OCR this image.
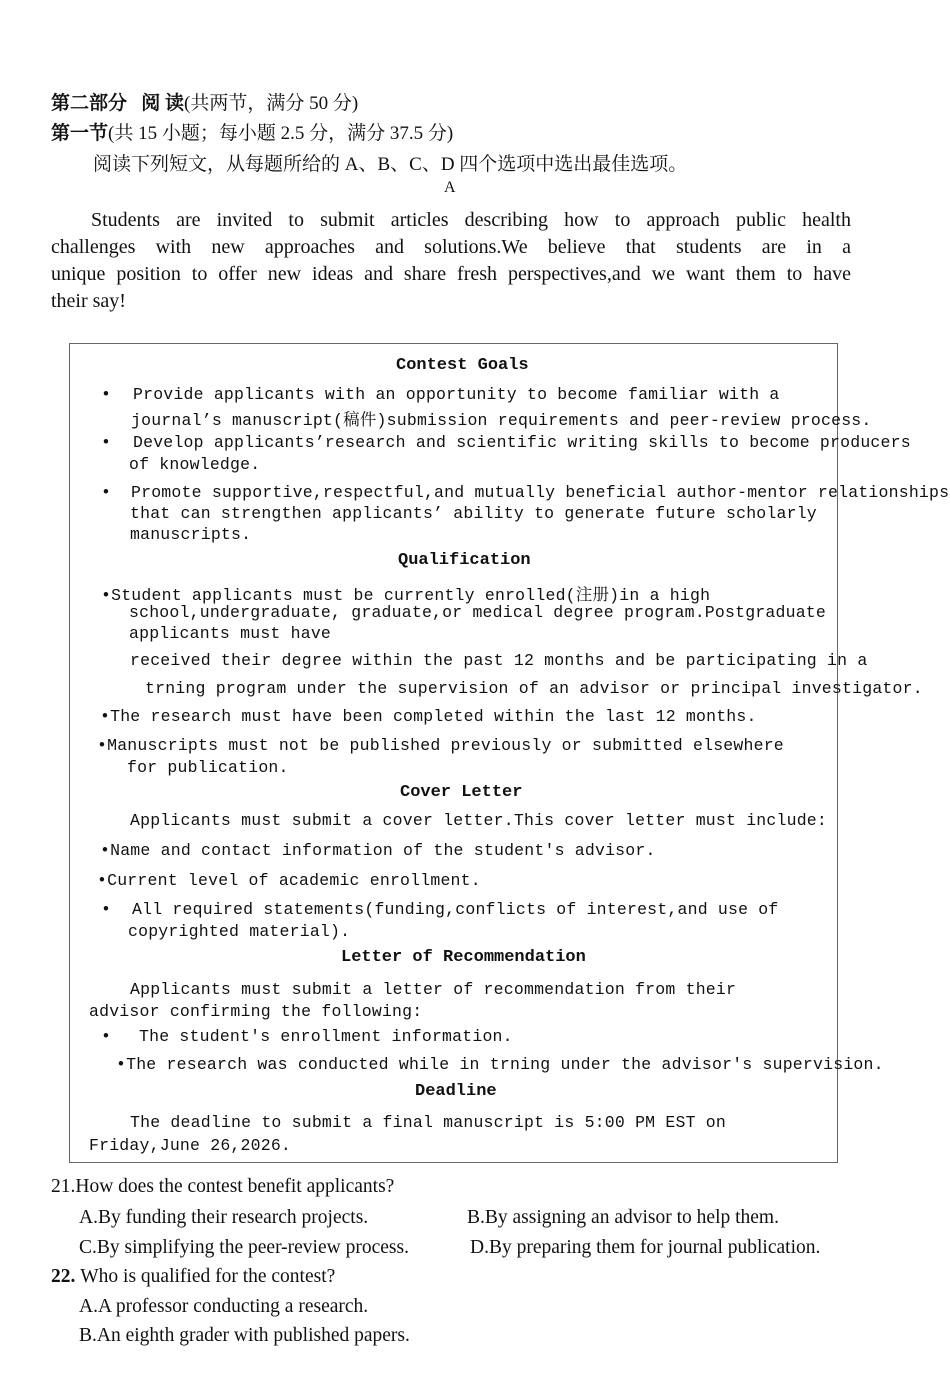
第二部分 阅 读(共两节，满分 50 分)
第一节(共 15 小题；每小题 2.5 分，满分 37.5 分)
阅读下列短文，从每题所给的 A、B、C、D 四个选项中选出最佳选项。
A
Students are invited to submit articles describing how to approach public health
challenges with new approaches and solutions.We believe that students are in a
unique position to offer new ideas and share fresh perspectives,and we want them to have
their say!
Contest Goals
• Provide applicants with an opportunity to become familiar with a
journal’s manuscript(稿件)submission requirements and peer-review process.
• Develop applicants’research and scientific writing skills to become producers
of knowledge.
• Promote supportive,respectful,and mutually beneficial author-mentor relationships
that can strengthen applicants’ ability to generate future scholarly
manuscripts.
Qualification
•Student applicants must be currently enrolled(注册)in a high
school,undergraduate, graduate,or medical degree program.Postgraduate
applicants must have
received their degree within the past 12 months and be participating in a
trning program under the supervision of an advisor or principal investigator.
•The research must have been completed within the last 12 months.
•Manuscripts must not be published previously or submitted elsewhere
for publication.
Cover Letter
Applicants must submit a cover letter.This cover letter must include:
•Name and contact information of the student's advisor.
•Current level of academic enrollment.
• All required statements(funding,conflicts of interest,and use of
copyrighted material).
Letter of Recommendation
Applicants must submit a letter of recommendation from their
advisor confirming the following:
• The student's enrollment information.
•The research was conducted while in trning under the advisor's supervision.
Deadline
The deadline to submit a final manuscript is 5:00 PM EST on
Friday,June 26,2026.
21.How does the contest benefit applicants?
A.By funding their research projects.	B.By assigning an advisor to help them.
C.By simplifying the peer-review process.	D.By preparing them for journal publication.
22. Who is qualified for the contest?
A.A professor conducting a research.
B.An eighth grader with published papers.
